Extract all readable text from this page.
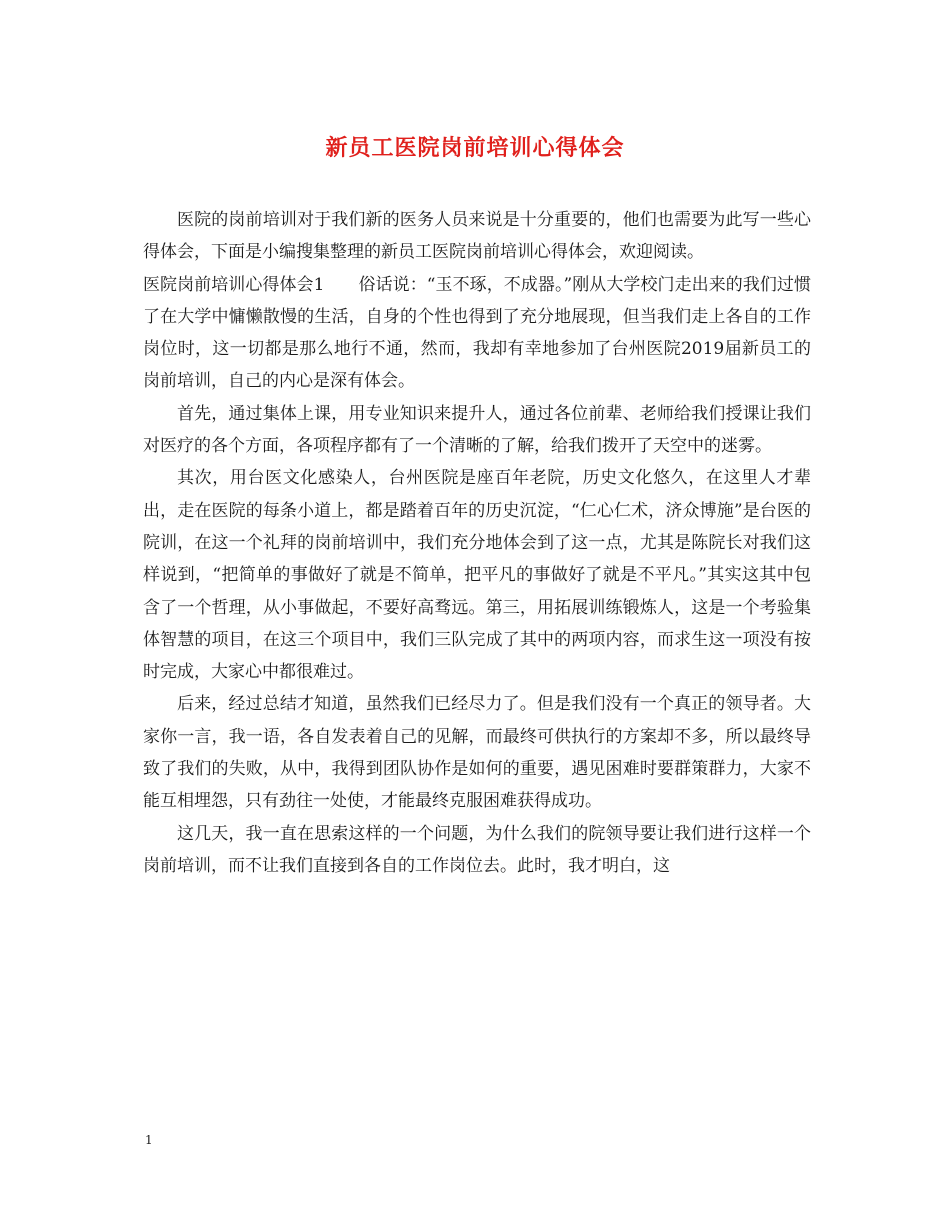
新员工医院岗前培训心得体会

医院的岗前培训对于我们新的医务人员来说是十分重要的，他们也需要为此写一些心得体会，下面是小编搜集整理的新员工医院岗前培训心得体会，欢迎阅读。

医院岗前培训心得体会1　　俗话说：“玉不琢，不成器。”刚从大学校门走出来的我们过惯了在大学中慵懒散慢的生活，自身的个性也得到了充分地展现，但当我们走上各自的工作岗位时，这一切都是那么地行不通，然而，我却有幸地参加了台州医院2019届新员工的岗前培训，自己的内心是深有体会。

首先，通过集体上课，用专业知识来提升人，通过各位前辈、老师给我们授课让我们对医疗的各个方面，各项程序都有了一个清晰的了解，给我们拨开了天空中的迷雾。

其次，用台医文化感染人，台州医院是座百年老院，历史文化悠久，在这里人才辈出，走在医院的每条小道上，都是踏着百年的历史沉淀，“仁心仁术，济众博施”是台医的院训，在这一个礼拜的岗前培训中，我们充分地体会到了这一点，尤其是陈院长对我们这样说到，“把简单的事做好了就是不简单，把平凡的事做好了就是不平凡。”其实这其中包含了一个哲理，从小事做起，不要好高骛远。第三，用拓展训练锻炼人，这是一个考验集体智慧的项目，在这三个项目中，我们三队完成了其中的两项内容，而求生这一项没有按时完成，大家心中都很难过。

后来，经过总结才知道，虽然我们已经尽力了。但是我们没有一个真正的领导者。大家你一言，我一语，各自发表着自己的见解，而最终可供执行的方案却不多，所以最终导致了我们的失败，从中，我得到团队协作是如何的重要，遇见困难时要群策群力，大家不能互相埋怨，只有劲往一处使，才能最终克服困难获得成功。

这几天，我一直在思索这样的一个问题，为什么我们的院领导要让我们进行这样一个岗前培训，而不让我们直接到各自的工作岗位去。此时，我才明白，这

1
